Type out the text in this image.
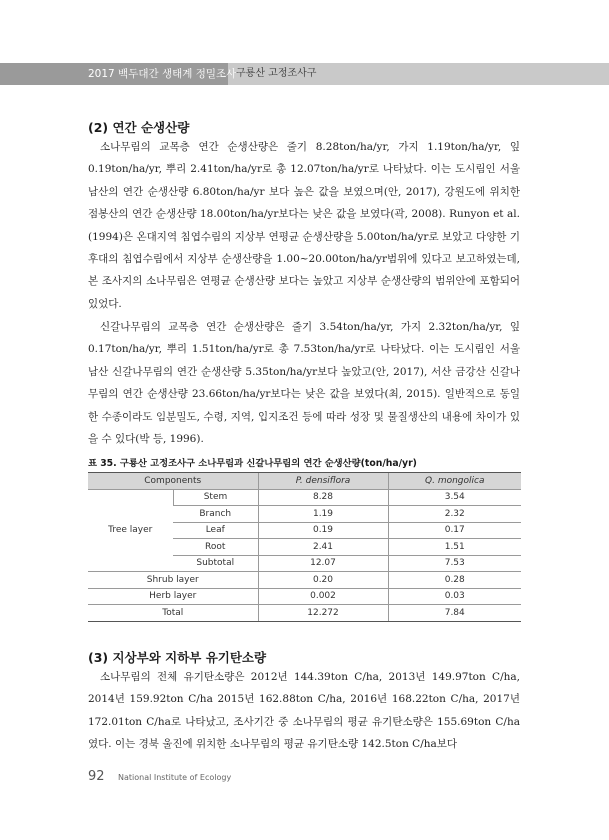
2017 백두대간 생태계 정밀조사 구룡산 고정조사구
(2) 연간 순생산량
소나무림의 교목층 연간 순생산량은 줄기 8.28ton/ha/yr, 가지 1.19ton/ha/yr, 잎 0.19ton/ha/yr, 뿌리 2.41ton/ha/yr로 총 12.07ton/ha/yr로 나타났다. 이는 도시림인 서울 남산의 연간 순생산량 6.80ton/ha/yr 보다 높은 값을 보였으며(안, 2017), 강원도에 위치한 점봉산의 연간 순생산량 18.00ton/ha/yr보다는 낮은 값을 보였다(곽, 2008). Runyon et al.(1994)은 온대지역 침엽수림의 지상부 연평균 순생산량을 5.00ton/ha/yr로 보았고 다양한 기후대의 침엽수림에서 지상부 순생산량을 1.00~20.00ton/ha/yr범위에 있다고 보고하였는데, 본 조사지의 소나무림은 연평균 순생산량 보다는 높았고 지상부 순생산량의 범위안에 포함되어 있었다.
신갈나무림의 교목층 연간 순생산량은 줄기 3.54ton/ha/yr, 가지 2.32ton/ha/yr, 잎 0.17ton/ha/yr, 뿌리 1.51ton/ha/yr로 총 7.53ton/ha/yr로 나타났다. 이는 도시림인 서울 남산 신갈나무림의 연간 순생산량 5.35ton/ha/yr보다 높았고(안, 2017), 서산 금강산 신갈나무림의 연간 순생산량 23.66ton/ha/yr보다는 낮은 값을 보였다(최, 2015). 일반적으로 동일한 수종이라도 임분밀도, 수령, 지역, 입지조건 등에 따라 성장 및 물질생산의 내용에 차이가 있을 수 있다(박 등, 1996).
표 35. 구룡산 고정조사구 소나무림과 신갈나무림의 연간 순생산량(ton/ha/yr)
Components		P. densiflora	Q. mongolica
Tree layer	Stem	8.28	3.54
	Branch	1.19	2.32
	Leaf	0.19	0.17
	Root	2.41	1.51
	Subtotal	12.07	7.53
Shrub layer		0.20	0.28
Herb layer		0.002	0.03
Total		12.272	7.84
(3) 지상부와 지하부 유기탄소량
소나무림의 전체 유기탄소량은 2012년 144.39ton C/ha, 2013년 149.97ton C/ha, 2014년 159.92ton C/ha 2015년 162.88ton C/ha, 2016년 168.22ton C/ha, 2017년 172.01ton C/ha로 나타났고, 조사기간 중 소나무림의 평균 유기탄소량은 155.69ton C/ha 였다. 이는 경북 울진에 위치한 소나무림의 평균 유기탄소량 142.5ton C/ha보다
92 National Institute of Ecology
